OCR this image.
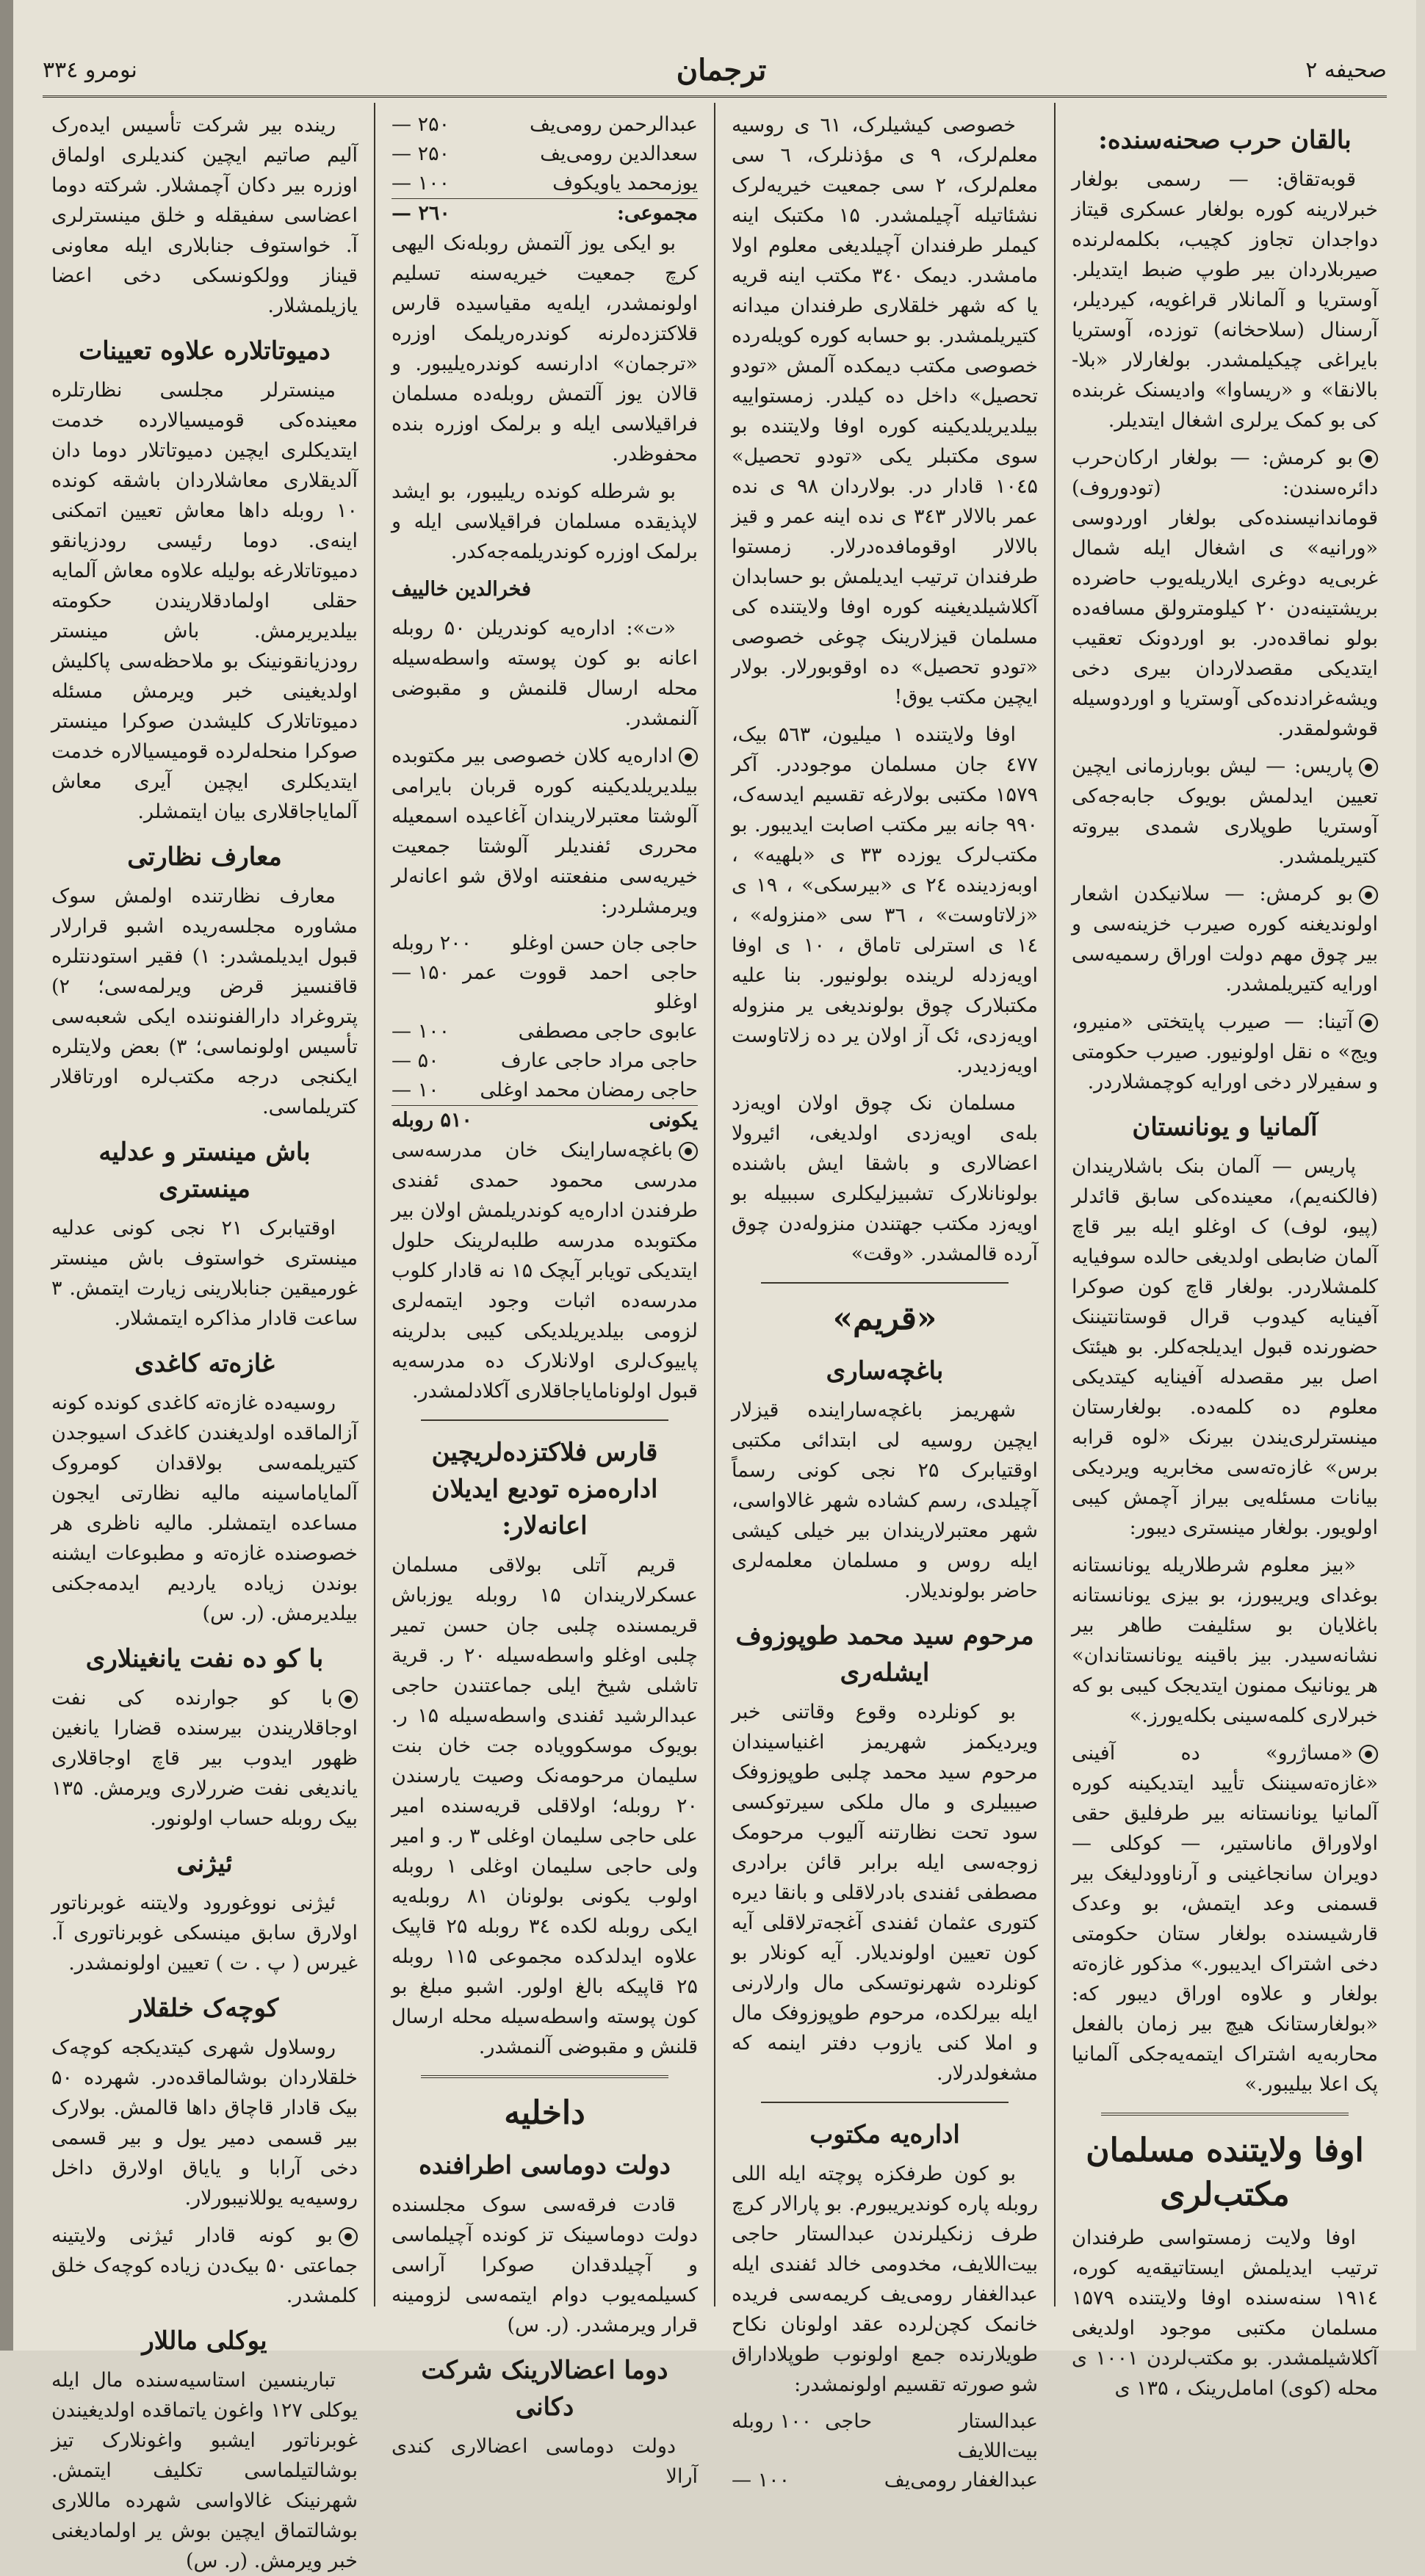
صحيفه ۲
ترجمان
نومرو ۳۳٤
بالقان حرب صحنه‌سنده:

قوبه‌تقاق: — رسمی بولغار خبرلارینه کوره بولغار عسکری قیتاز دواجدان تجاوز کچیب، بکلمه‌لرنده صیربلاردان بیر طوپ ضبط ایتدیلر. آوستریا و آلمانلار قراغویه، کیردیلر، آرسنال (سلاحخانه) توزده، آوستریا بایراغی چیکیلمشدر. بولغارلار «بلا-بالانقا» و «ریساوا» وادیسنک غربنده کی بو کمک یرلری اشغال ایتدیلر.

بو کرمش: — بولغار ارکان‌حرب دائره‌سندن: (تودوروف) قوماندانیسنده‌کی بولغار اوردوسی «ورانیه» ی اشغال ایله شمال غربی‌یه دوغری ایلاریله‌یوب حاضرده بریشتینه‌دن ۲۰ کیلومترولق مسافه‌ده بولو نماقده‌در. بو اوردونک تعقیب ایتدیکی مقصدلاردان بیری دخی ویشه‌غرادنده‌کی آوستریا و اوردوسیله قوشولمقدر.

پاریس: — لیش بوبارزمانی ایچین تعیین ایدلمش بویوک جابه‌جه‌کی آوستریا طوپلاری شمدی بیروته کتیریلمشدر.

بو کرمش: — سلانیکدن اشعار اولوندیغنه کوره صیرب خزینه‌سی و بیر چوق مهم دولت اوراق رسمیه‌سی اورایه کتیریلمشدر.

آتینا: — صیرب پایتختی «منیرو، ویج» ه نقل اولونیور. صیرب حکومتی و سفیرلار دخی اورایه کوچمشلاردر.

آلمانیا و یونانستان

پاریس — آلمان بنک باشلاریندان (فالکنه‌یم)، معینده‌کی سابق قائدلر (پیو، لوف) ک اوغلو ایله بیر قاچ آلمان ضابطی اولدیغی حالده سوفیایه کلمشلاردر. بولغار قاچ کون صوکرا آفینایه کیدوب قرال قوستانتیننک حضورنده قبول ایدیلجه‌کلر. بو هیئتک اصل بیر مقصدله آفینایه کیتدیکی معلوم ده کلمه‌ده. بولغارستان مینسترلری‌یندن بیرنک «لوه قرابه برس» غازه‌ته‌سی مخابریه ویردیکی بیانات مسئله‌یی بیراز آچمش کیبی اولویور. بولغار مینستری دیبور:

«بیز معلوم شرطلاریله یونانستانه بوغدای ویریبورز، بو بیزی یونانستانه باغلایان بو سئلیفت طاهر بیر نشانه‌سیدر. بیز باقینه یونانستاندان» هر یونانیک ممنون ایتدیجک کیبی بو که خبرلاری کلمه‌سینی بکله‌یورز.»

«مساژرو» ده آفینی «غازه‌ته‌سیننک تأیید ایتدیکینه کوره آلمانیا یونانستانه بیر طرفلیق حقی اولاوراق ماناستیر، — کوکلی — دویران سانجاغینی و آرناوودلیغک بیر قسمنی وعد ایتمش، بو وعدک قارشیسنده بولغار ستان حکومتی دخی اشتراک ایدیبور.» مذکور غازه‌ته بولغار و علاوه اوراق دیبور که: «بولغارستانک هیچ بیر زمان بالفعل محاربه‌یه اشتراک ایتمه‌یه‌جکی آلمانیا پک اعلا بیلیبور.»

اوفا ولایتنده مسلمان مکتب‌لری

اوفا ولایت زمستواسی طرفندان ترتیب ایدیلمش ایستاتیقه‌یه کوره، ۱۹۱٤ سنه‌سنده اوفا ولایتنده ۱۵۷۹ مسلمان مکتبی موجود اولدیغی آکلاشیلمشدر. بو مکتب‌لردن ۱۰۰۱ ی محله (کوی) امامل‌رینک ، ۱۳۵ ی

خصوصی کیشیلرک، ٦۱ ی روسیه معلم‌لرک، ۹ ی مؤذنلرک، ٦ سی معلم‌لرک، ۲ سی جمعیت خیریه‌لرک نشئاتیله آچیلمشدر. ۱۵ مکتبک اینه کیملر طرفندان آچیلدیغی معلوم اولا مامشدر. دیمک ۳٤۰ مکتب اینه قریه یا که شهر خلقلاری طرفندان میدانه کتیریلمشدر. بو حسابه کوره کویله‌رده خصوصی مکتب دیمکده آلمش «تودو تحصیل» داخل ده کیلدر. زمستواییه بیلدیریلدیکینه کوره اوفا ولایتنده بو سوی مکتبلر یکی «تودو تحصیل» ۱۰٤۵ قادار در. بولاردان ۹۸ ی نده عمر بالالار ۳٤۳ ی نده اینه عمر و قیز بالالار اوقومافده‌درلار. زمستوا طرفندان ترتیب ایدیلمش بو حسابدان آکلاشیلدیغینه کوره اوفا ولایتنده کی مسلمان قیزلارینک چوغی خصوصی «تودو تحصیل» ده اوقوبورلار. بولار ایچین مکتب یوق!

اوفا ولایتنده ۱ میلیون، ۵٦۳ بیک، ٤٧٧ جان مسلمان موجوددر. آکر ۱۵۷۹ مکتبی بولارغه تقسیم ایدسه‌ک، ۹۹۰ جانه بیر مکتب اصابت ایدیبور. بو مکتب‌لرک یوزده ۳۳ ی «بلهیه» ، اوبه‌زدینده ۲٤ ی «بیرسکی» ، ۱۹ ی «زلاتاوست» ، ۳٦ سی «منزوله» ، ۱٤ ی استرلی تاماق ، ۱۰ ی اوفا اویه‌زدله‌ لرینده بولونیور. بنا علیه مکتبلارک چوق بولوندیغی یر منزوله اویه‌زدی، ئک آز اولان یر ده زلاتاوست اویه‌زدیدر.

مسلمان نک چوق اولان اویه‌زد بله‌ی اویه‌زدی اولدیغی، ائیرولا اعضالاری و باشقا ایش باشنده بولونانلارک تشبیزلیکلری سببیله بو اویه‌زد مکتب جهتندن منزوله‌دن چوق آرده قالمشدر. «وقت»

«قريم»
باغچه‌ساری

شهریمز باغچه‌ساراینده قیزلار ایچین روسیه لی ابتدائی مکتبی اوقتیابرک ۲۵ نجی کونی رسماً آچیلدی، رسم کشاده شهر غالاواسی، شهر معتبرلاریندان بیر خیلی کیشی ایله روس و مسلمان معلمه‌لری حاضر بولوندیلار.

مرحوم سید محمد طوپوزوف ایشله‌ری

بو کونلرده وقوع وقاتنی خبر ویردیکمز شهریمز اغنیاسیندان مرحوم سید محمد چلبی طوپوزوفک صیبیلری و مال ملکی سیرتوکسی سود تحت نظارتنه آلیوب مرحومک زوجه‌سی ایله برابر قائن برادری مصطفی ئفندی بادرلاقلی و بانقا دیره کتوری عثمان ئفندی آغجه‌ترلاقلی آیه کون تعیین اولوندیلار. آیه کونلار بو کونلرده شهرنوتسکی مال وارلارنی ایله بیرلکده، مرحوم طوپوزوفک مال و املا کنی یازوب دفتر اینمه که مشغولدرلار.

اداره‌یه مکتوب

بو کون طرفکزه پوچته ایله اللی روبله پاره کوندیریبورم. بو پارالار کرچ طرف زنکیلرندن عبدالستار حاجی بیت‌اللایف، مخدومی خالد ئفندی ایله عبدالغفار رومی‌یف کریمه‌سی فریده خانمک کچن‌لرده عقد اولونان نکاح طویلارنده جمع اولونوب طوپلاداراق شو صورته تقسیم اولونمشدر:

عبدالستار حاجی بیت‌اللایف
۱۰۰ روبله
عبدالغفار رومی‌یف
۱۰۰ —
عبدالرحمن رومی‌یف
۲۵۰ —
سعدالدین رومی‌یف
۲۵۰ —
یوزمحمد یاویکوف
۱۰۰ —
مجموعی:
۲٦۰ —

بو ایکی یوز آلتمش روبله‌نک الیهی کرچ جمعیت خیریه‌سنه تسلیم اولونمشدر، ایله‌یه مقیاسیده قارس قلاکتزده‌لرنه کوندره‌ریلمک اوزره «ترجمان» ادارنسه کوندره‌یلیبور. و قالان یوز آلتمش روبله‌ده مسلمان فراقیلاسی ایله و برلمک اوزره بنده محفوظدر.

بو شرطله کونده ریلیبور، بو ایشد لاپذیقده مسلمان فراقیلاسی ایله و برلمک اوزره کوندریلمه‌جه‌کدر.

فخرالدین خالییف

«ت»: اداره‌یه کوندریلن ۵۰ روبله اعانه بو کون پوسته واسطه‌سیله محله ارسال قلنمش و مقبوضی آلنمشدر.

اداره‌یه کلان خصوصی بیر مکتوبده بیلدیریلدیکینه کوره قربان بایرامی آلوشتا معتبرلاریندان آغاعیده اسمعیله محرری ئفندیلر آلوشتا جمعیت خیریه‌سی منفعتنه اولاق شو اعانه‌لر ویرمشلردر:

حاجی جان حسن اوغلو
۲۰۰ روبله
حاجی احمد قووت عمر اوغلو
۱۵۰ —
عابوی حاجی مصطفی
۱۰۰ —
حاجی مراد حاجی عارف
۵۰ —
حاجی رمضان محمد اوغلی
۱۰ —
یکونی
۵۱۰ روبله

باغچه‌ساراینک خان مدرسه‌سی مدرسی محمود حمدی ئفندی طرفندن اداره‌یه کوندریلمش اولان بیر مکتوبده مدرسه طلبه‌لرینک حلول ایتدیکی تویابر آیچک ۱۵ نه قادار کلوب مدرسه‌ده اثبات وجود ایتمه‌لری لزومی بیلدیریلدیکی کیبی بدلرینه پاییوک‌لری اولانلارک ده مدرسه‌یه قبول اولونامایاجاقلاری آکلادلمشدر.

قارس فلاکتزده‌لریچین ادارەمزه تودیع ایدیلان اعانه‌لار:

قریم آتلی بولاقی مسلمان عسکرلاریندان ۱۵ روبله یوزباش قریمسنده چلبی جان حسن تمیر چلبی اوغلو واسطه‌سیله ۲۰ ر. قریة تاشلی شیخ ایلی جماعتندن حاجی عبدالرشید ئفندی واسطه‌سیله ۱۵ ر. بویوک موسکوویاده جت خان بنت سلیمان مرحومه‌نک وصیت یارسندن ۲۰ روبله؛ اولاقلی قریه‌سنده امیر علی حاجی سلیمان اوغلی ۳ ر. و امیر ولی حاجی سلیمان اوغلی ۱ روبله اولوب یکونی بولونان ۸۱ روبله‌یه ایکی روبله لکده ۳٤ روبله ۲۵ قاپیک علاوه ایدلدکده مجموعی ۱۱۵ روبله ۲۵ قاپیکه بالغ اولور. اشبو مبلغ بو کون پوسته واسطه‌سیله محله ارسال قلنش و مقبوضی آلنمشدر.

داخليه
دولت دوماسی اطرافنده

قادت فرقه‌سی سوک مجلسنده دولت دوماسینک تز کونده آچیلماسی و آچیلدقدان صوکرا آراسی کسیلمه‌یوب دوام ایتمه‌سی لزومینه قرار ویرمشدر. (ر. س)

دوما اعضالارینک شرکت دکانی

دولت دوماسی اعضالاری کندی آرالا

رینده بیر شرکت تأسیس ایدەرک آلیم صاتیم ایچین کندیلری اولماق اوزره بیر دکان آچمشلار. شرکته دوما اعضاسی سفیقله و خلق مینسترلری آ. خواستوف جنابلاری ایله معاونی قیناز وولکونسکی دخی اعضا یازیلمشلار.

دمیوتاتلاره علاوه تعیینات

مینسترلر مجلسی نظارتلره معینده‌کی قومیسیالارده خدمت ایتدیکلری ایچین دمیوتاتلار دوما دان آلدیقلاری معاشلاردان باشقه کونده ۱۰ روبله داها معاش تعیین اتمکنی اینه‌ی. دوما رئیسی رودزیانقو دمیوتاتلارغه بولیله علاوه معاش آلمایه حقلی اولمادقلاریندن حکومته بیلدیریرمش. باش مینستر رودزیانقونینک بو ملاحظه‌سی پاکلیش اولدیغینی خبر ویرمش مسئله دمیوتاتلارک کلیشدن صوکرا مینستر صوکرا منحله‌لرده قومیسیالاره خدمت ایتدیکلری ایچین آیری معاش آلمایاجاقلاری بیان ایتمشلر.

معارف نظارتی

معارف نظارتنده اولمش سوک مشاورە مجلسه‌ریده اشبو قرارلار قبول ایدیلمشدر: ۱) فقیر استودنتلره قاقنسیز قرض ویرلمه‌سی؛ ۲) پتروغراد دارالفنوننده ایکی شعبه‌سی تأسیس اولونماسی؛ ۳) بعض ولایتلره ایکنجی درجه مکتب‌لره اورتاقلار کتریلماسی.

باش مینستر و عدلیه مینستری

اوقتیابرک ۲۱ نجی کونی عدلیه مینستری خواستوف باش مینستر غورمیقین جنابلارینی زیارت ایتمش. ۳ ساعت قادار مذاکره ایتمشلار.

غازه‌ته کاغدی

روسیه‌ده غازه‌ته کاغدی کونده کونه آزالماقده اولدیغندن کاغدک اسیوجدن کتیریلمه‌سی بولاقدان کومروک آلمایاماسینه مالیه نظارتی ایجون مساعده ایتمشلر. مالیه ناظری هر خصوصنده غازه‌ته و مطبوعات ایشنه بوندن زیاده یاردیم ایدمه‌جکنی بیلدیرمش. (ر. س)

با کو ده نفت یانغینلاری

با کو جوارنده کی نفت اوجاقلاریندن بیرسنده قضارا یانغین ظهور ایدوب بیر قاچ اوجاقلاری یاندیغی نفت ضررلاری ویرمش. ۱۳۵ بیک روبله حساب اولونور.

ئیژنی

ئیژنی نووغورود ولایتنه غوبرناتور اولارق سابق مینسکی غوبرناتوری آ. غیرس ( پ . ت ) تعیین اولونمشدر.

کوچه‌ک خلقلار

روسلاول شهری کیتدیکجه کوچه‌ک خلقلاردان بوشالماقده‌در. شهرده ۵۰ بیک قادار قاچاق داها قالمش. بولارک بیر قسمی دمیر یول و بیر قسمی دخی آرابا و یایاق اولارق داخل روسیه‌یه یوللانیبورلار.

بو کونه قادار ئیژنی ولایتینه جماعتی ۵۰ بیک‌دن زیاده کوچه‌ک خلق کلمشدر.

یوکلی ماللار

تبارینسین استاسیه‌سنده مال ایله یوکلی ۱۲۷ واغون یاتماقده اولدیغیندن غوبرناتور ایشبو واغونلارک تیز بوشالتیلماسی تکلیف ایتمش. شهرنینک غالاواسی شهرده ماللاری بوشالتماق ایچین بوش یر اولمادیغنی خبر ویرمش. (ر. س)
